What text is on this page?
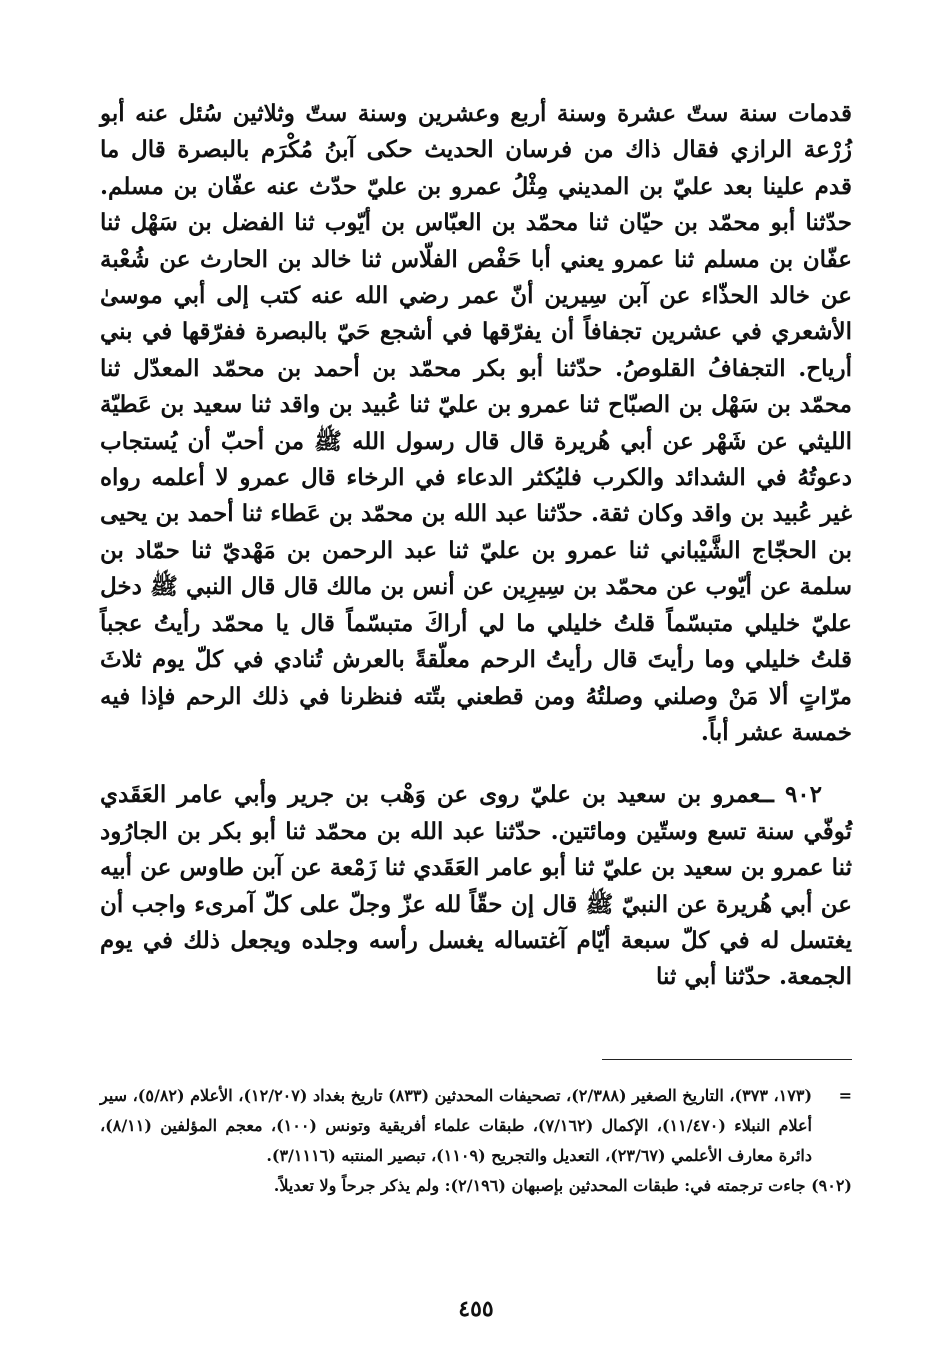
قدمات سنة ستّ عشرة وسنة أربع وعشرين وسنة ستّ وثلاثين سُئل عنه أبو زُرْعة الرازي فقال ذاك من فرسان الحديث حكى آبنُ مُكْرَم بالبصرة قال ما قدم علينا بعد عليّ بن المديني مِثْلُ عمرو بن عليّ حدّث عنه عفّان بن مسلم. حدّثنا أبو محمّد بن حيّان ثنا محمّد بن العبّاس بن أيّوب ثنا الفضل بن سَهْل ثنا عفّان بن مسلم ثنا عمرو يعني أبا حَفْص الفلّاس ثنا خالد بن الحارث عن شُعْبة عن خالد الحذّاء عن آبن سِيرين أنّ عمر رضي الله عنه كتب إلى أبي موسىٰ الأشعري في عشرين تجفافاً أن يفرّقها في أشجع حَيّ بالبصرة ففرّقها في بني أرياح. التجفافُ القلوصُ. حدّثنا أبو بكر محمّد بن أحمد بن محمّد المعدّل ثنا محمّد بن سَهْل بن الصبّاح ثنا عمرو بن عليّ ثنا عُبيد بن واقد ثنا سعيد بن عَطيّة الليثي عن شَهْر عن أبي هُريرة قال قال رسول الله ﷺ من أحبّ أن يُستجاب دعوتُهُ في الشدائد والكرب فليُكثر الدعاء في الرخاء قال عمرو لا أعلمه رواه غير عُبيد بن واقد وكان ثقة. حدّثنا عبد الله بن محمّد بن عَطاء ثنا أحمد بن يحيى بن الحجّاج الشَّيْباني ثنا عمرو بن عليّ ثنا عبد الرحمن بن مَهْديّ ثنا حمّاد بن سلمة عن أيّوب عن محمّد بن سِيرِين عن أنس بن مالك قال قال النبي ﷺ دخل عليّ خليلي متبسّماً قلتُ خليلي ما لي أراكَ متبسّماً قال يا محمّد رأيتُ عجباً قلتُ خليلي وما رأيتَ قال رأيتُ الرحم معلّقةً بالعرش تُنادي في كلّ يوم ثلاثَ مرّاتٍ ألا مَنْ وصلني وصلتُهُ ومن قطعني بتّته فنظرنا في ذلك الرحم فإذا فيه خمسة عشر أباً.

٩٠٢ ــعمرو بن سعيد بن عليّ روى عن وَهْب بن جرير وأبي عامر العَقَدي تُوفّي سنة تسع وستّين ومائتين. حدّثنا عبد الله بن محمّد ثنا أبو بكر بن الجارُود ثنا عمرو بن سعيد بن عليّ ثنا أبو عامر العَقَدي ثنا زَمْعة عن آبن طاوس عن أبيه عن أبي هُريرة عن النبيّ ﷺ قال إن حقّاً لله عزّ وجلّ على كلّ آمرىء واجب أن يغتسل له في كلّ سبعة أيّام آغتساله يغسل رأسه وجلده ويجعل ذلك في يوم الجمعة. حدّثنا أبي ثنا

=
(١٧٣، ٣٧٣)، التاريخ الصغير (٢/٣٨٨)، تصحيفات المحدثين (٨٣٣) تاريخ بغداد (١٢/٢٠٧)، الأعلام (٥/٨٢)، سير أعلام النبلاء (١١/٤٧٠)، الإكمال (٧/١٦٢)، طبقات علماء أفريقية وتونس (١٠٠)، معجم المؤلفين (٨/١١)، دائرة معارف الأعلمي (٢٣/٦٧)، التعديل والتجريح (١١٠٩)، تبصير المنتبه (٣/١١١٦).

(٩٠٢) جاءت ترجمته في: طبقات المحدثين بإصبهان (٢/١٩٦): ولم يذكر جرحاً ولا تعديلاً.

٤٥٥
